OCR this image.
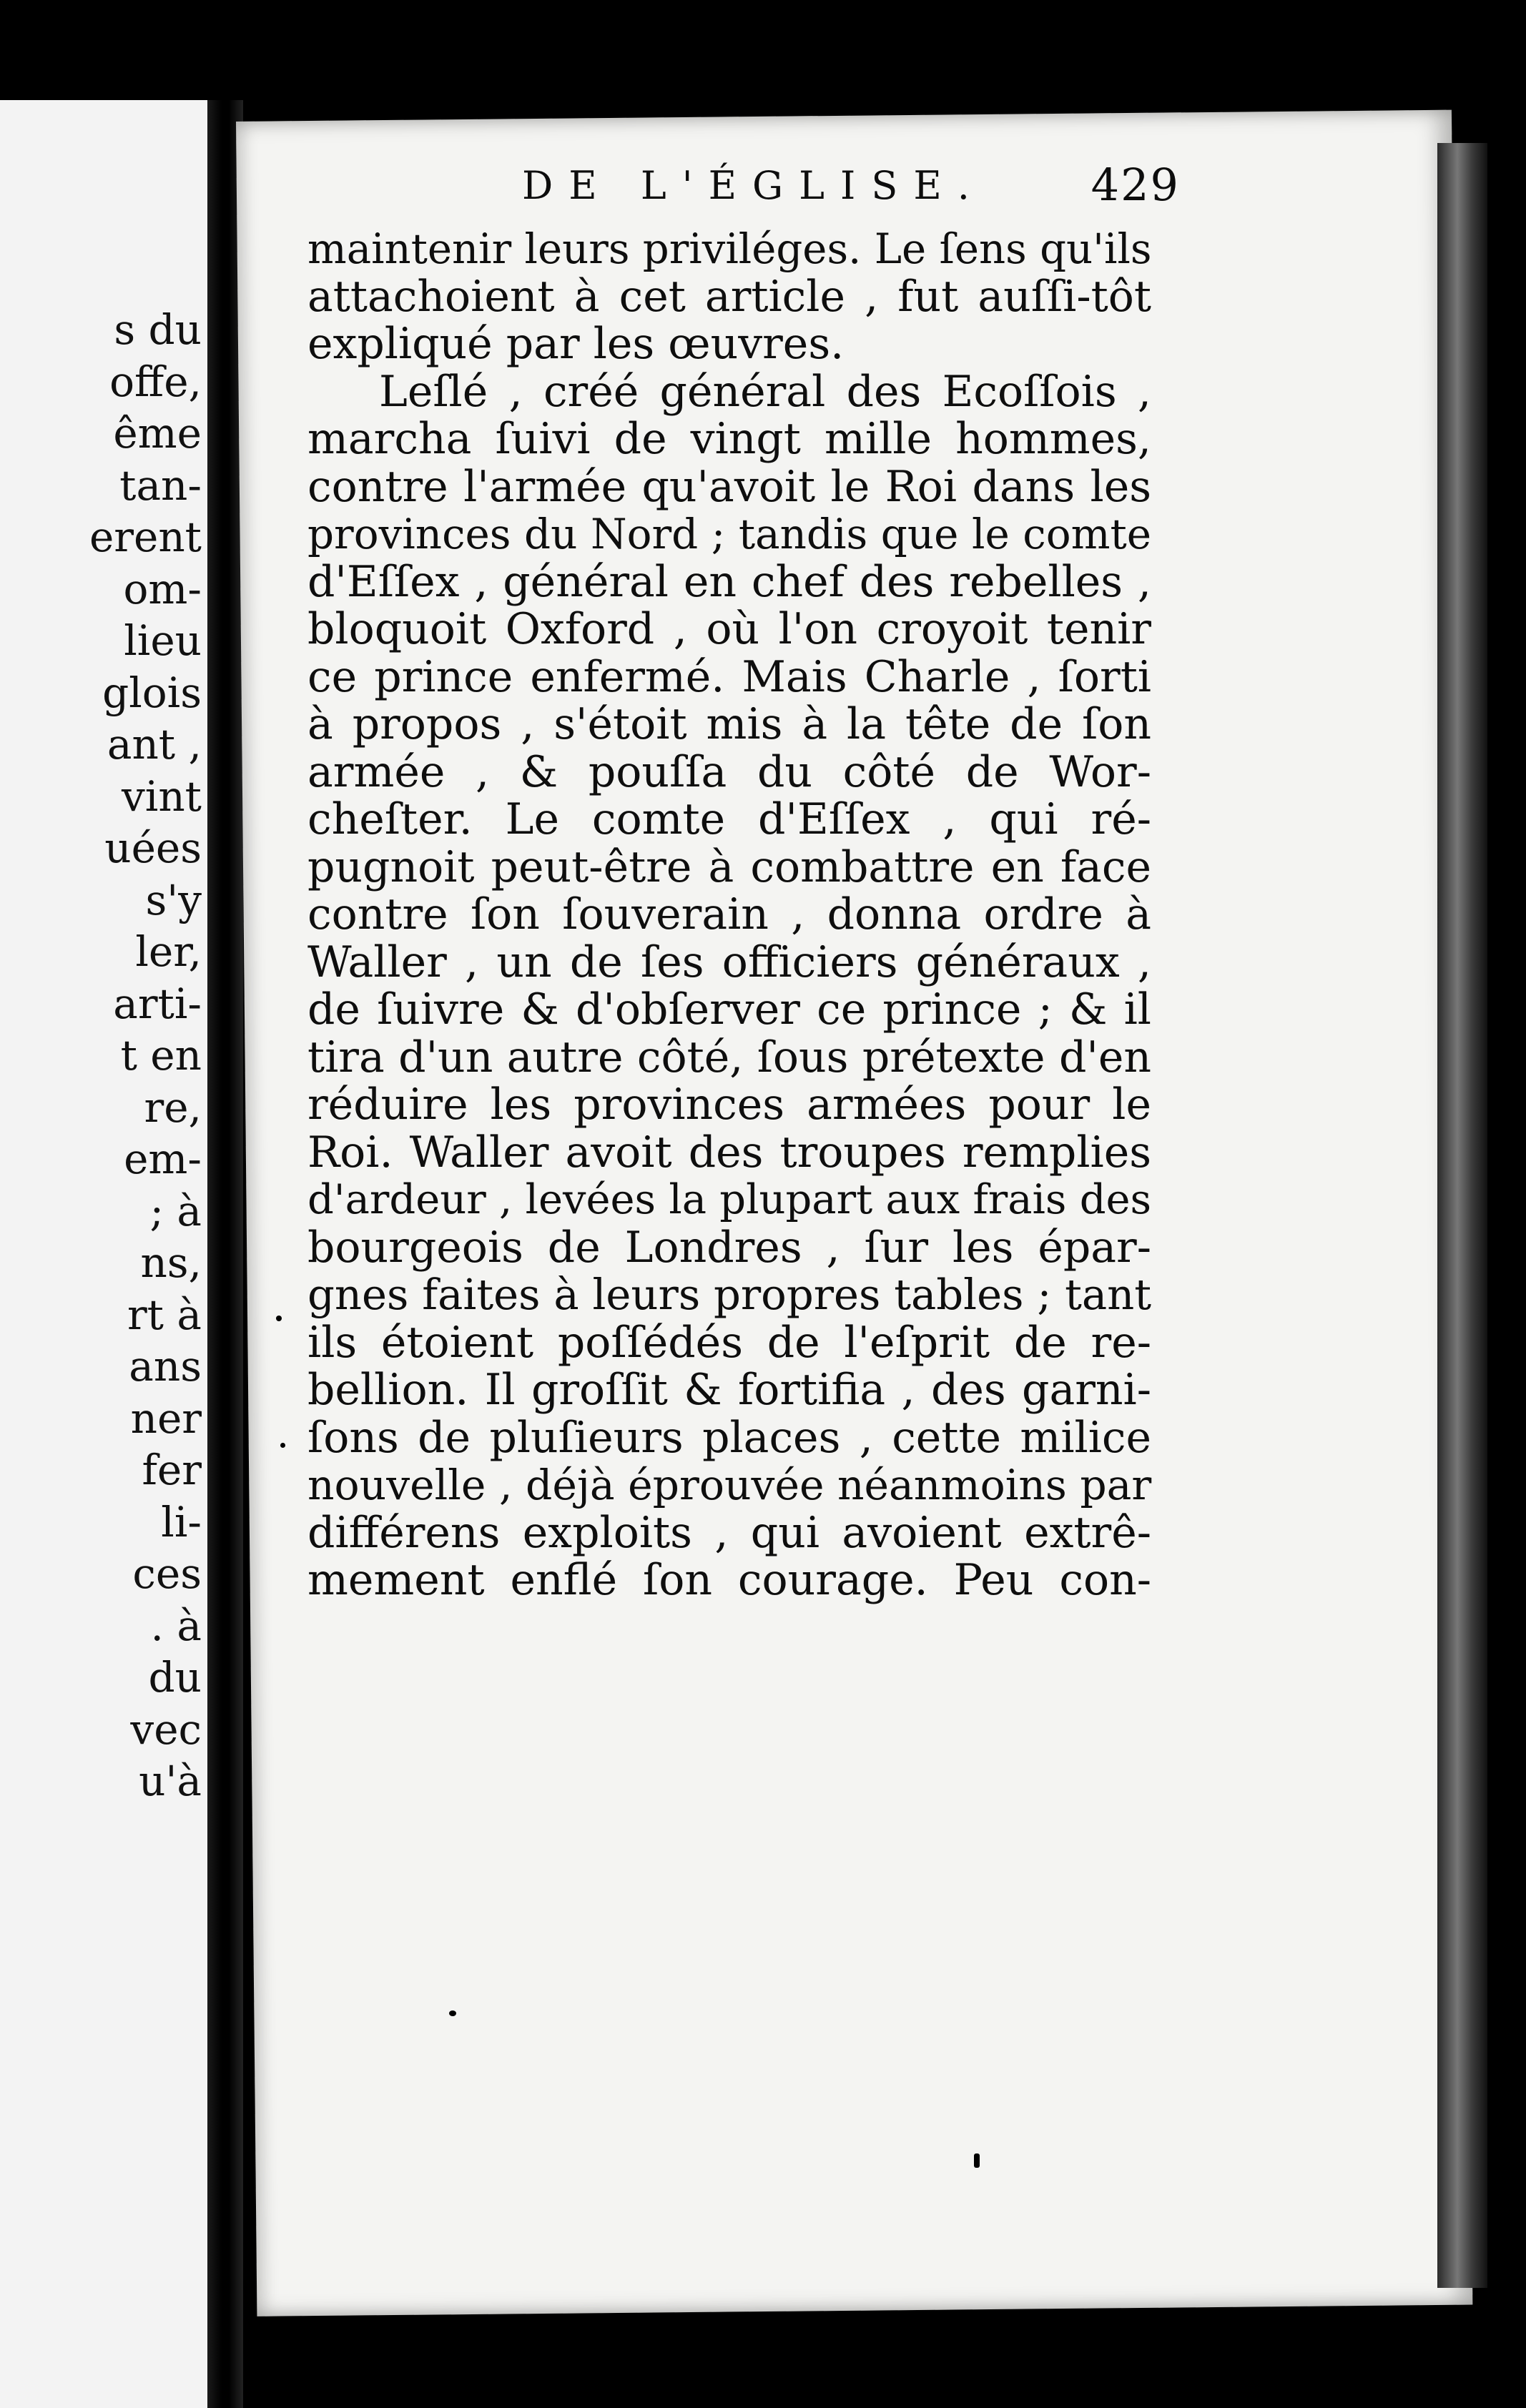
s du
offe,
ême
tan-
erent
om-
lieu
glois
ant ,
vint
uées
s'y
ler,
arti-
t en
re,
em-
; à
ns,
rt à
ans
ner
fer
li-
ces
. à
du
vec
u'à
DE L'ÉGLISE. 429
maintenir leurs priviléges. Le ſens qu'ils
attachoient à cet article , fut auſſi-tôt
expliqué par les œuvres.
Leſlé , créé général des Ecoſſois ,
marcha ſuivi de vingt mille hommes,
contre l'armée qu'avoit le Roi dans les
provinces du Nord ; tandis que le comte
d'Eſſex , général en chef des rebelles ,
bloquoit Oxford , où l'on croyoit tenir
ce prince enfermé. Mais Charle , ſorti
à propos , s'étoit mis à la tête de ſon
armée , & pouſſa du côté de Wor-
cheſter. Le comte d'Eſſex , qui ré-
pugnoit peut-être à combattre en face
contre ſon ſouverain , donna ordre à
Waller , un de ſes officiers généraux ,
de ſuivre & d'obſerver ce prince ; & il
tira d'un autre côté, ſous prétexte d'en
réduire les provinces armées pour le
Roi. Waller avoit des troupes remplies
d'ardeur , levées la plupart aux frais des
bourgeois de Londres , ſur les épar-
gnes faites à leurs propres tables ; tant
ils étoient poſſédés de l'eſprit de re-
bellion. Il groſſit & fortifia , des garni-
ſons de pluſieurs places , cette milice
nouvelle , déjà éprouvée néanmoins par
différens exploits , qui avoient extrê-
mement enflé ſon courage. Peu con-
